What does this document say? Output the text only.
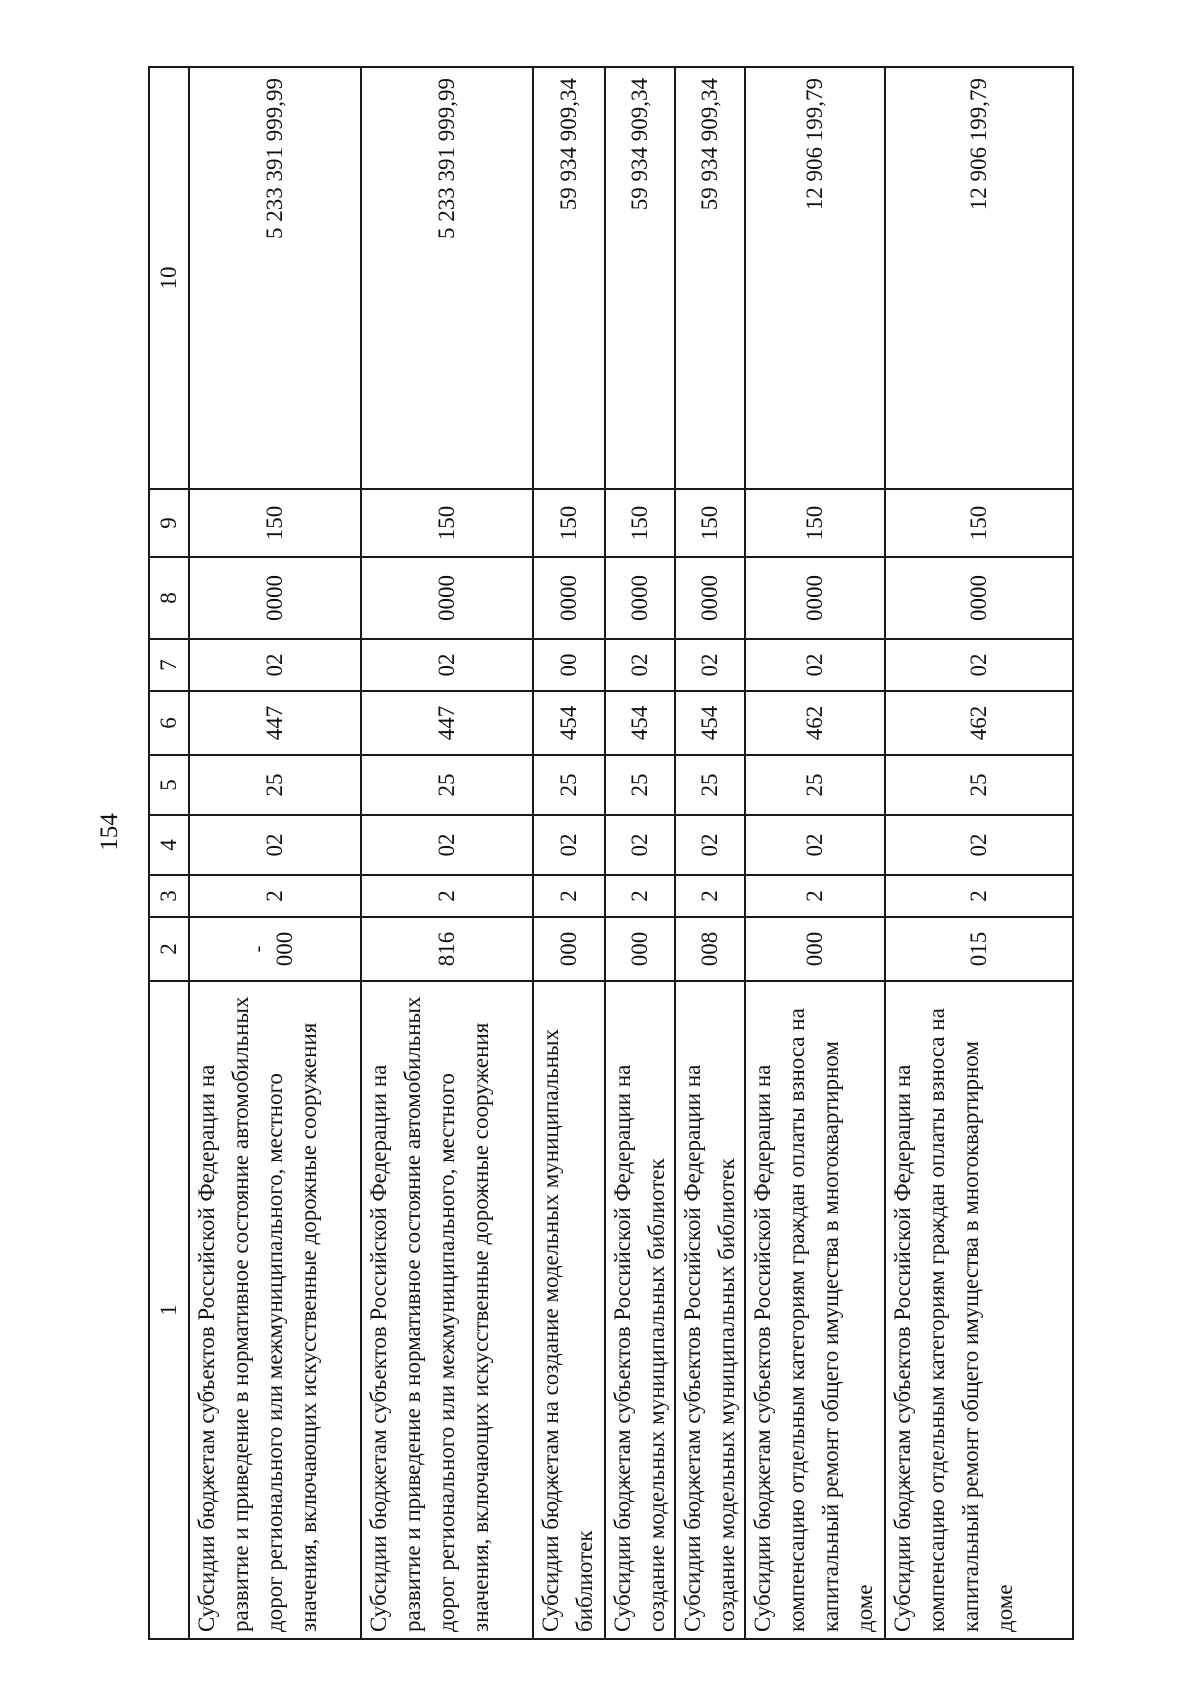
154
1	2	3	4	5	6	7	8	9	10
Субсидии бюджетам субъектов Российской Федерации на развитие и приведение в нормативное состояние автомобильных дорог регионального или межмуниципального, местного значения, включающих искусственные дорожные сооружения	- 000	2	02	25	447	02	0000	150	5 233 391 999,99
Субсидии бюджетам субъектов Российской Федерации на развитие и приведение в нормативное состояние автомобильных дорог регионального или межмуниципального, местного значения, включающих искусственные дорожные сооружения	816	2	02	25	447	02	0000	150	5 233 391 999,99
Субсидии бюджетам на создание модельных муниципальных библиотек	000	2	02	25	454	00	0000	150	59 934 909,34
Субсидии бюджетам субъектов Российской Федерации на создание модельных муниципальных библиотек	000	2	02	25	454	02	0000	150	59 934 909,34
Субсидии бюджетам субъектов Российской Федерации на создание модельных муниципальных библиотек	008	2	02	25	454	02	0000	150	59 934 909,34
Субсидии бюджетам субъектов Российской Федерации на компенсацию отдельным категориям граждан оплаты взноса на капитальный ремонт общего имущества в многоквартирном доме	000	2	02	25	462	02	0000	150	12 906 199,79
Субсидии бюджетам субъектов Российской Федерации на компенсацию отдельным категориям граждан оплаты взноса на капитальный ремонт общего имущества в многоквартирном доме	015	2	02	25	462	02	0000	150	12 906 199,79
